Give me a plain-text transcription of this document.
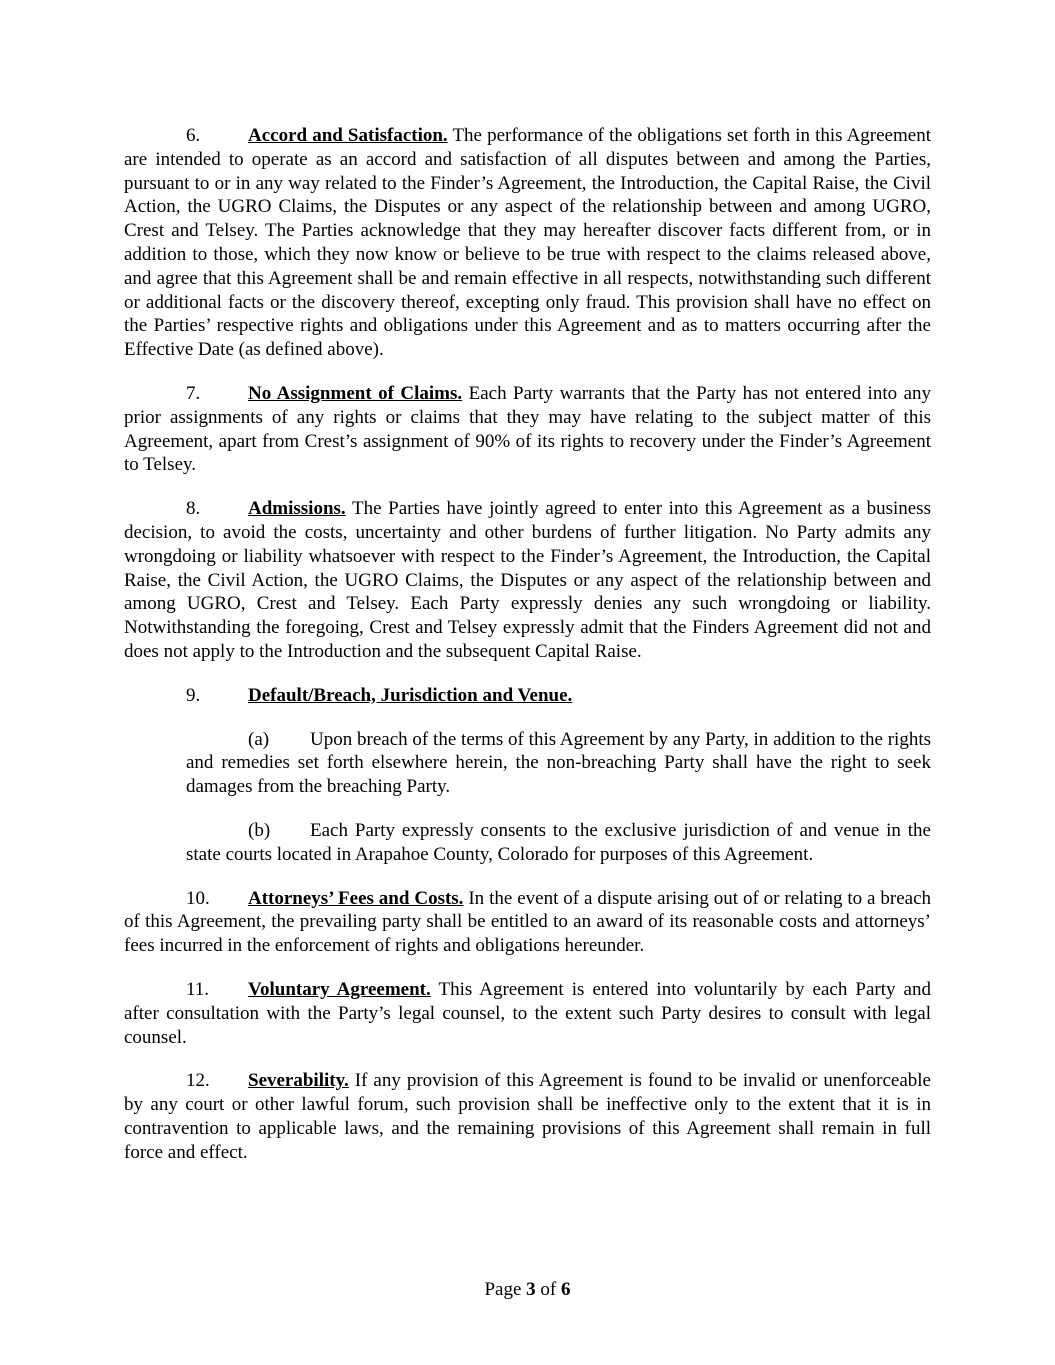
6.	Accord and Satisfaction. The performance of the obligations set forth in this Agreement are intended to operate as an accord and satisfaction of all disputes between and among the Parties, pursuant to or in any way related to the Finder’s Agreement, the Introduction, the Capital Raise, the Civil Action, the UGRO Claims, the Disputes or any aspect of the relationship between and among UGRO, Crest and Telsey. The Parties acknowledge that they may hereafter discover facts different from, or in addition to those, which they now know or believe to be true with respect to the claims released above, and agree that this Agreement shall be and remain effective in all respects, notwithstanding such different or additional facts or the discovery thereof, excepting only fraud. This provision shall have no effect on the Parties’ respective rights and obligations under this Agreement and as to matters occurring after the Effective Date (as defined above).

7.	No Assignment of Claims. Each Party warrants that the Party has not entered into any prior assignments of any rights or claims that they may have relating to the subject matter of this Agreement, apart from Crest’s assignment of 90% of its rights to recovery under the Finder’s Agreement to Telsey.

8.	Admissions. The Parties have jointly agreed to enter into this Agreement as a business decision, to avoid the costs, uncertainty and other burdens of further litigation. No Party admits any wrongdoing or liability whatsoever with respect to the Finder’s Agreement, the Introduction, the Capital Raise, the Civil Action, the UGRO Claims, the Disputes or any aspect of the relationship between and among UGRO, Crest and Telsey. Each Party expressly denies any such wrongdoing or liability. Notwithstanding the foregoing, Crest and Telsey expressly admit that the Finders Agreement did not and does not apply to the Introduction and the subsequent Capital Raise.

9.	Default/Breach, Jurisdiction and Venue.

(a) Upon breach of the terms of this Agreement by any Party, in addition to the rights and remedies set forth elsewhere herein, the non-breaching Party shall have the right to seek damages from the breaching Party.

(b) Each Party expressly consents to the exclusive jurisdiction of and venue in the state courts located in Arapahoe County, Colorado for purposes of this Agreement.

10. Attorneys’ Fees and Costs. In the event of a dispute arising out of or relating to a breach of this Agreement, the prevailing party shall be entitled to an award of its reasonable costs and attorneys’ fees incurred in the enforcement of rights and obligations hereunder.

11. Voluntary Agreement. This Agreement is entered into voluntarily by each Party and after consultation with the Party’s legal counsel, to the extent such Party desires to consult with legal counsel.

12. Severability. If any provision of this Agreement is found to be invalid or unenforceable by any court or other lawful forum, such provision shall be ineffective only to the extent that it is in contravention to applicable laws, and the remaining provisions of this Agreement shall remain in full force and effect.

Page 3 of 6
